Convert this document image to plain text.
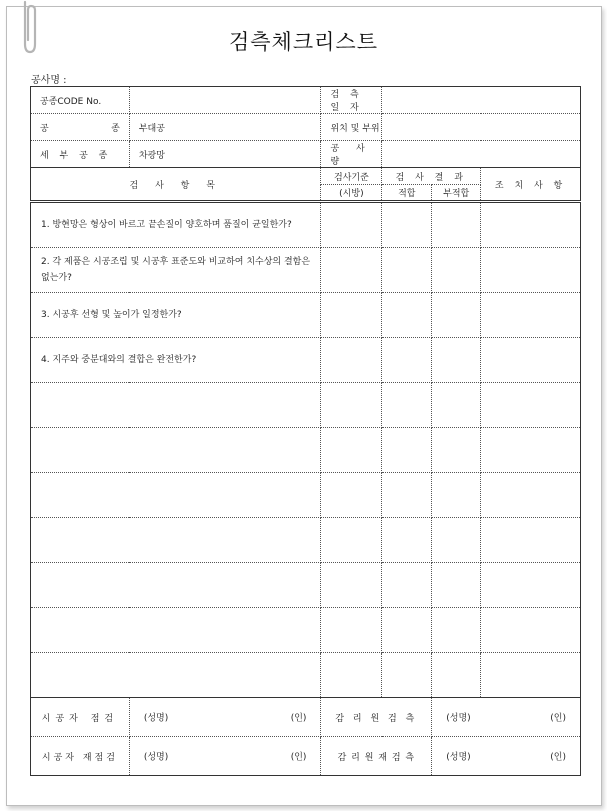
검측체크리스트
공사명 :
공종CODE No.		검 측 일 자			

공 종	부대공	위치 및 부위			
세 부 공 종	차광망	공 사 량			
검 사 항 목		검사기준	검 사 결 과		조 치 사 항
		(시방)	적합	부적합	
1. 방현망은 형상이 바르고 끝손질이 양호하며 품질이 균일한가?					
2. 각 제품은 시공조립 및 시공후 표준도와 비교하여 치수상의 결함은 없는가?					
3. 시공후 선형 및 높이가 일정한가?					
4. 지주와 중분대와의 결합은 완전한가?					

시공자 점검	(성명) (인)	감 리 원 검 측		(성명) (인)	

시공자 재점검	(성명) (인)	감 리 원 재 검 측		(성명) (인)	
